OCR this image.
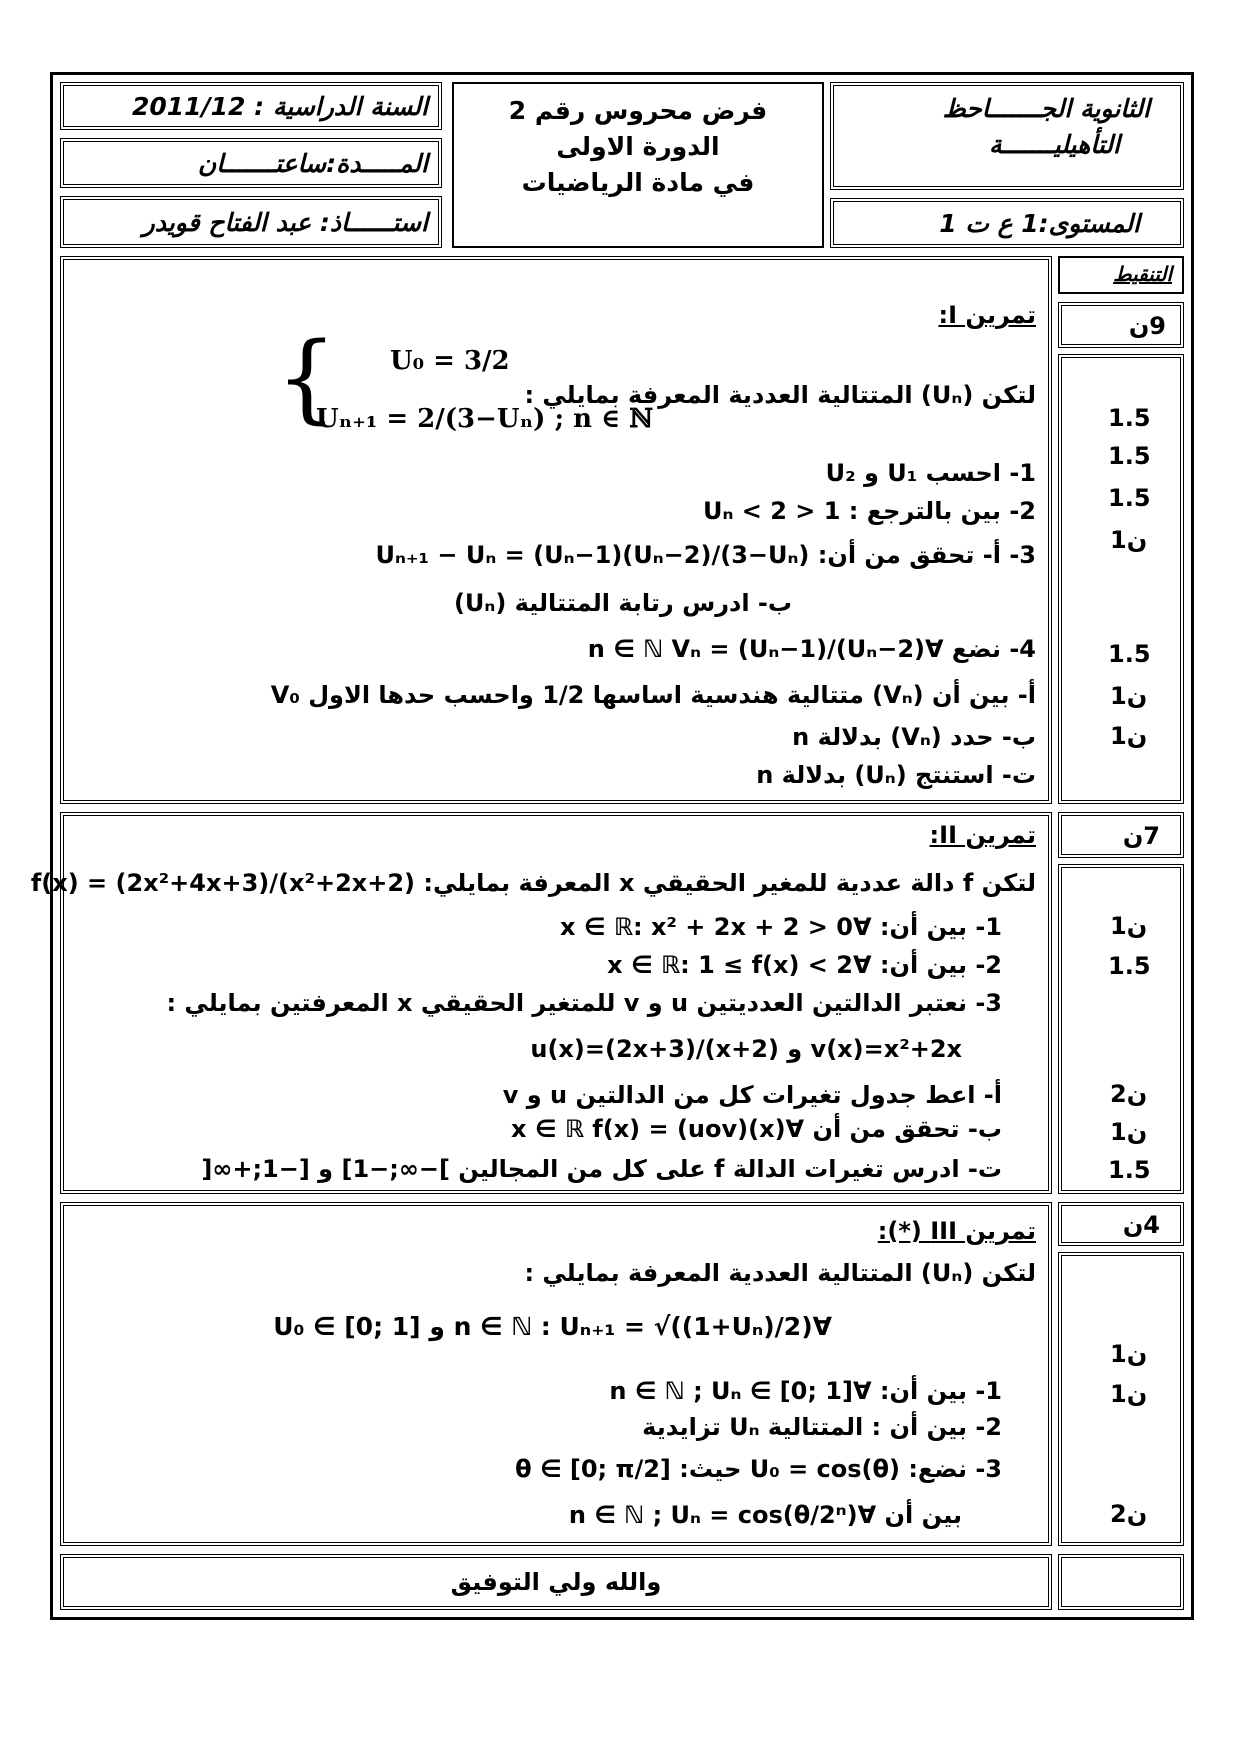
السنة الدراسية : 2011/12
المـــــدة:ساعتـــــــان
استــــــاذ: عبد الفتاح قويدر
فرض محروس رقم 2
الدورة الاولى
في مادة الرياضيات
الثانوية الجـــــــاحظ
التأهيليـــــــة
المستوى:1 ع ت 1
التنقيط
9ن
تمرين I:
{ U₀ = 3/2
Uₙ₊₁ = 2/(3−Uₙ) ; n ∈ ℕ
لتكن (Uₙ) المتتالية العددية المعرفة بمايلي :
1- احسب U₁ و U₂
2- بين بالترجع : 1 < Uₙ < 2
3- أ- تحقق من أن: Uₙ₊₁ − Uₙ = (Uₙ−1)(Uₙ−2)/(3−Uₙ)
ب- ادرس رتابة المتتالية (Uₙ)
4- نضع ∀n ∈ ℕ Vₙ = (Uₙ−1)/(Uₙ−2)
أ- بين أن (Vₙ) متتالية هندسية اساسها 1/2 واحسب حدها الاول V₀
ب- حدد (Vₙ) بدلالة n
ت- استنتج (Uₙ) بدلالة n
1.5
1.5
1.5
1ن
1.5
1ن
1ن
7ن
تمرين II:
لتكن f دالة عددية للمغير الحقيقي x المعرفة بمايلي: f(x) = (2x²+4x+3)/(x²+2x+2)
1- بين أن: ∀x ∈ ℝ: x² + 2x + 2 > 0
2- بين أن: ∀x ∈ ℝ: 1 ≤ f(x) < 2
3- نعتبر الدالتين العدديتين u و v للمتغير الحقيقي x المعرفتين بمايلي :
v(x)=x²+2x و u(x)=(2x+3)/(x+2)
أ- اعط جدول تغيرات كل من الدالتين u و v
ب- تحقق من أن ∀x ∈ ℝ f(x) = (uov)(x)
ت- ادرس تغيرات الدالة f على كل من المجالين ]−∞;−1] و [−1;+∞[
1ن
1.5
2ن
1ن
1.5
4ن
تمرين III (*):
لتكن (Uₙ) المتتالية العددية المعرفة بمايلي :
∀n ∈ ℕ : Uₙ₊₁ = √((1+Uₙ)/2) و U₀ ∈ [0; 1]
1- بين أن: ∀n ∈ ℕ ; Uₙ ∈ [0; 1]
2- بين أن : المتتالية Uₙ تزايدية
3- نضع: U₀ = cos(θ) حيث: θ ∈ [0; π/2]
بين أن ∀n ∈ ℕ ; Uₙ = cos(θ/2ⁿ)
1ن
1ن
2ن
والله ولي التوفيق
